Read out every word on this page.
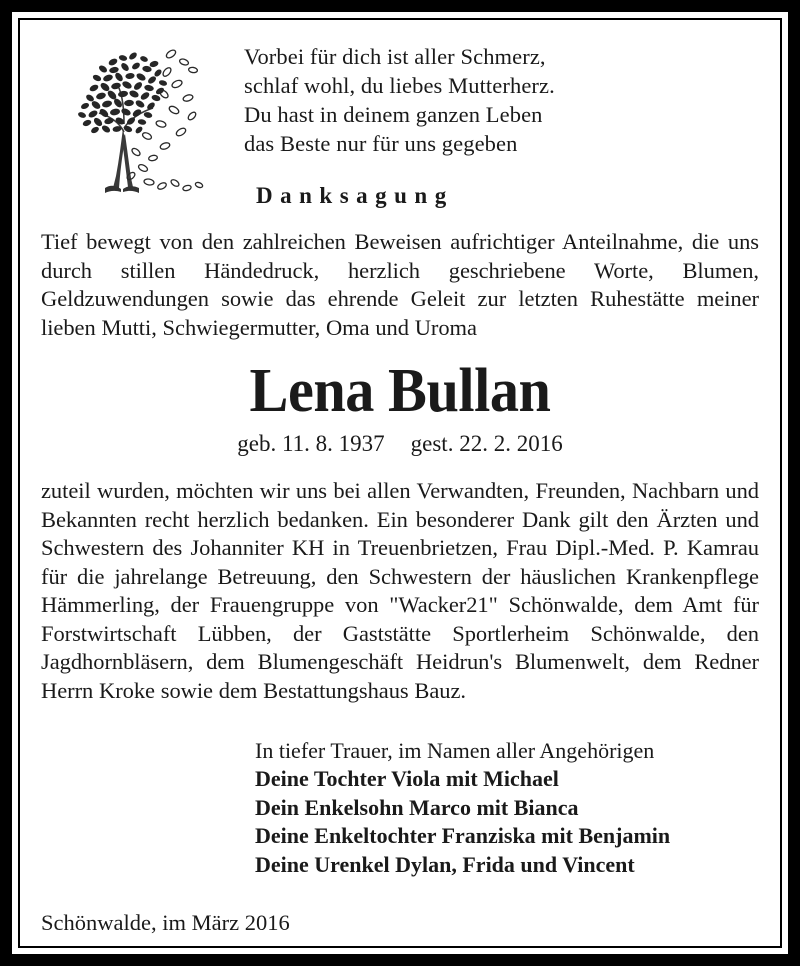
Vorbei für dich ist aller Schmerz,
schlaf wohl, du liebes Mutterherz.
Du hast in deinem ganzen Leben
das Beste nur für uns gegeben
Danksagung
Tief bewegt von den zahlreichen Beweisen aufrichtiger Anteilnahme, die uns durch stillen Händedruck, herzlich geschriebene Worte, Blumen, Geldzuwendungen sowie das ehrende Geleit zur letzten Ruhestätte meiner lieben Mutti, Schwiegermutter, Oma und Uroma
Lena Bullan
geb. 11. 8. 1937 gest. 22. 2. 2016
zuteil wurden, möchten wir uns bei allen Verwandten, Freunden, Nachbarn und Bekannten recht herzlich bedanken. Ein besonderer Dank gilt den Ärzten und Schwestern des Johanniter KH in Treuenbrietzen, Frau Dipl.-Med. P. Kamrau für die jahrelange Betreuung, den Schwestern der häuslichen Krankenpflege Hämmerling, der Frauengruppe von "Wacker21" Schönwalde, dem Amt für Forstwirtschaft Lübben, der Gaststätte Sportlerheim Schönwalde, den Jagdhornbläsern, dem Blumengeschäft Heidrun's Blumenwelt, dem Redner Herrn Kroke sowie dem Bestattungshaus Bauz.
In tiefer Trauer, im Namen aller Angehörigen
Deine Tochter Viola mit Michael
Dein Enkelsohn Marco mit Bianca
Deine Enkeltochter Franziska mit Benjamin
Deine Urenkel Dylan, Frida und Vincent
Schönwalde, im März 2016
